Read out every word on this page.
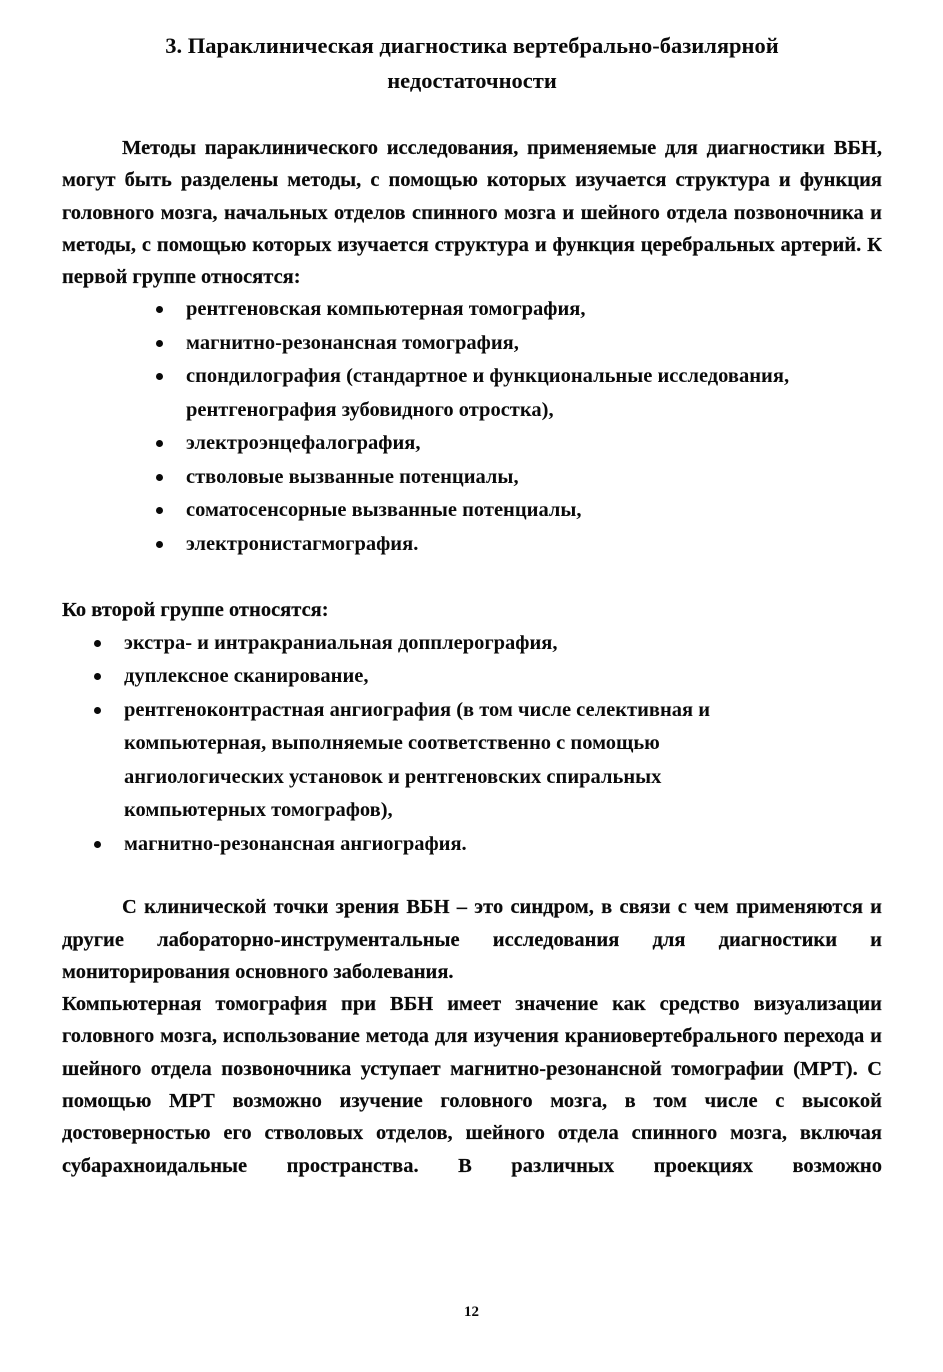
3. Параклиническая диагностика вертебрально-базилярной
недостаточности

Методы параклинического исследования, применяемые для диагностики ВБН, могут быть разделены методы, с помощью которых изучается структура и функция головного мозга, начальных отделов спинного мозга и шейного отдела позвоночника и методы, с помощью которых изучается структура и функция церебральных артерий. К первой группе относятся:

рентгеновская компьютерная томография,
магнитно-резонансная томография,
спондилография (стандартное и функциональные исследования, рентгенография зубовидного отростка),
электроэнцефалография,
стволовые вызванные потенциалы,
соматосенсорные вызванные потенциалы,
электронистагмография.

Ко второй группе относятся:

экстра- и интракраниальная допплерография,
дуплексное сканирование,
рентгеноконтрастная ангиография (в том числе селективная и компьютерная, выполняемые соответственно с помощью ангиологических установок и рентгеновских спиральных компьютерных томографов),
магнитно-резонансная ангиография.

С клинической точки зрения ВБН – это синдром, в связи с чем применяются и другие лабораторно-инструментальные исследования для диагностики и мониторирования основного заболевания.

Компьютерная томография при ВБН имеет значение как средство визуализации головного мозга, использование метода для изучения краниовертебрального перехода и шейного отдела позвоночника уступает магнитно-резонансной томографии (МРТ). С помощью МРТ возможно изучение головного мозга, в том числе с высокой достоверностью его стволовых отделов, шейного отдела спинного мозга, включая субарахноидальные пространства. В различных проекциях возможно

12
